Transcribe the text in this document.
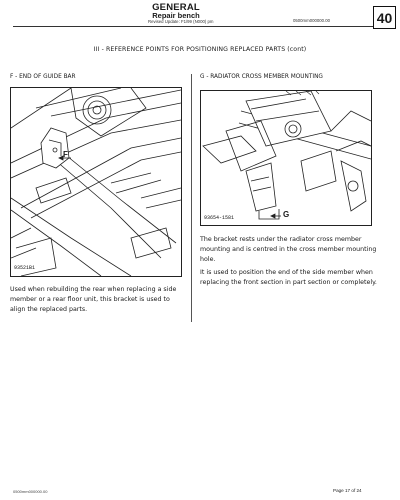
GENERAL
Repair bench
Revised Update: F1/99 (N000) pm	0500mm000000.00	40
III - REFERENCE POINTS FOR POSITIONING REPLACED PARTS (cont)
F - END OF GUIDE BAR
F
93521B1
Used when rebuilding the rear when replacing a side member or a rear floor unit, this bracket is used to align the replaced parts.
G - RADIATOR CROSS MEMBER MOUNTING
G
93654-1581
The bracket rests under the radiator cross member mounting and is centred in the cross member mounting hole.
It is used to position the end of the side member when replacing the front section in part section or completely.
0500mm000000.00	Page 17 of 24
